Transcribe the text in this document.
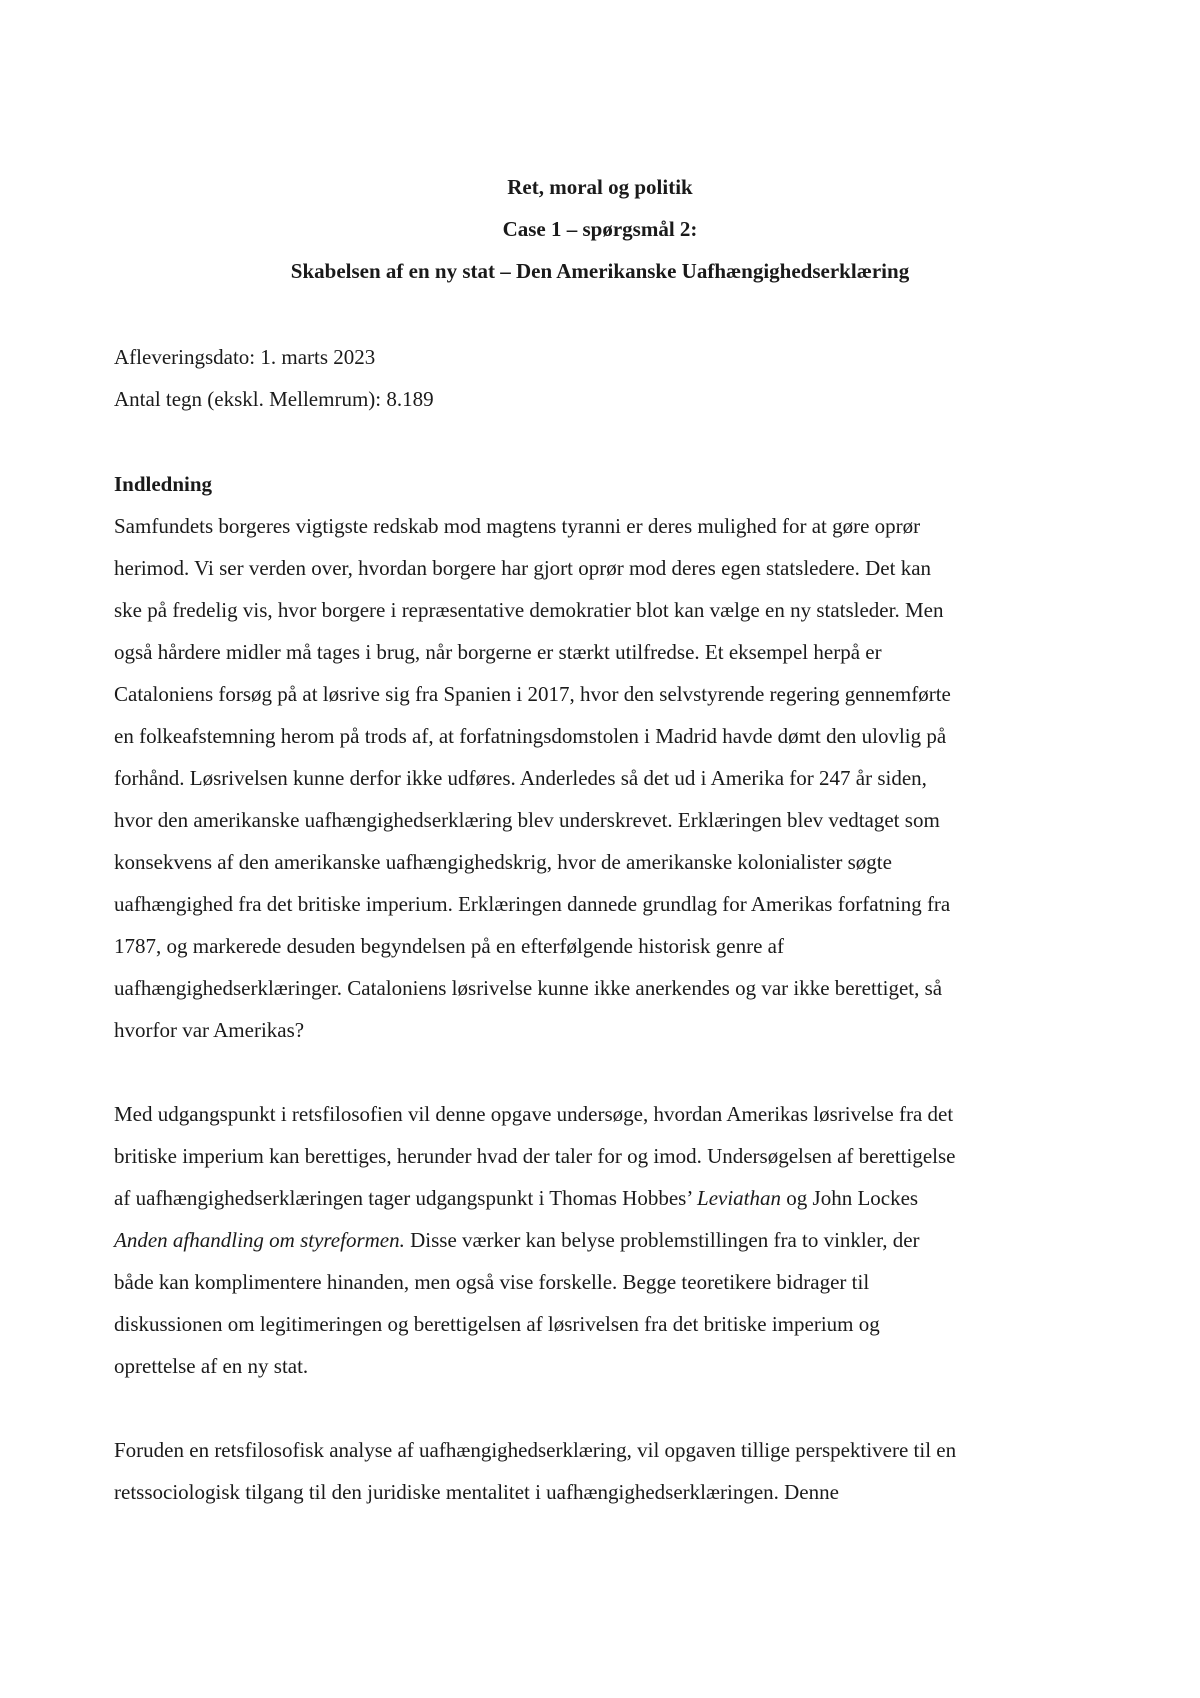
Ret, moral og politik
Case 1 – spørgsmål 2:
Skabelsen af en ny stat – Den Amerikanske Uafhængighedserklæring
Afleveringsdato: 1. marts 2023
Antal tegn (ekskl. Mellemrum): 8.189
Indledning
Samfundets borgeres vigtigste redskab mod magtens tyranni er deres mulighed for at gøre oprør
herimod. Vi ser verden over, hvordan borgere har gjort oprør mod deres egen statsledere. Det kan
ske på fredelig vis, hvor borgere i repræsentative demokratier blot kan vælge en ny statsleder. Men
også hårdere midler må tages i brug, når borgerne er stærkt utilfredse. Et eksempel herpå er
Cataloniens forsøg på at løsrive sig fra Spanien i 2017, hvor den selvstyrende regering gennemførte
en folkeafstemning herom på trods af, at forfatningsdomstolen i Madrid havde dømt den ulovlig på
forhånd. Løsrivelsen kunne derfor ikke udføres. Anderledes så det ud i Amerika for 247 år siden,
hvor den amerikanske uafhængighedserklæring blev underskrevet. Erklæringen blev vedtaget som
konsekvens af den amerikanske uafhængighedskrig, hvor de amerikanske kolonialister søgte
uafhængighed fra det britiske imperium. Erklæringen dannede grundlag for Amerikas forfatning fra
1787, og markerede desuden begyndelsen på en efterfølgende historisk genre af
uafhængighedserklæringer. Cataloniens løsrivelse kunne ikke anerkendes og var ikke berettiget, så
hvorfor var Amerikas?
Med udgangspunkt i retsfilosofien vil denne opgave undersøge, hvordan Amerikas løsrivelse fra det
britiske imperium kan berettiges, herunder hvad der taler for og imod. Undersøgelsen af berettigelse
af uafhængighedserklæringen tager udgangspunkt i Thomas Hobbes’ Leviathan og John Lockes
Anden afhandling om styreformen. Disse værker kan belyse problemstillingen fra to vinkler, der
både kan komplimentere hinanden, men også vise forskelle. Begge teoretikere bidrager til
diskussionen om legitimeringen og berettigelsen af løsrivelsen fra det britiske imperium og
oprettelse af en ny stat.
Foruden en retsfilosofisk analyse af uafhængighedserklæring, vil opgaven tillige perspektivere til en
retssociologisk tilgang til den juridiske mentalitet i uafhængighedserklæringen. Denne
